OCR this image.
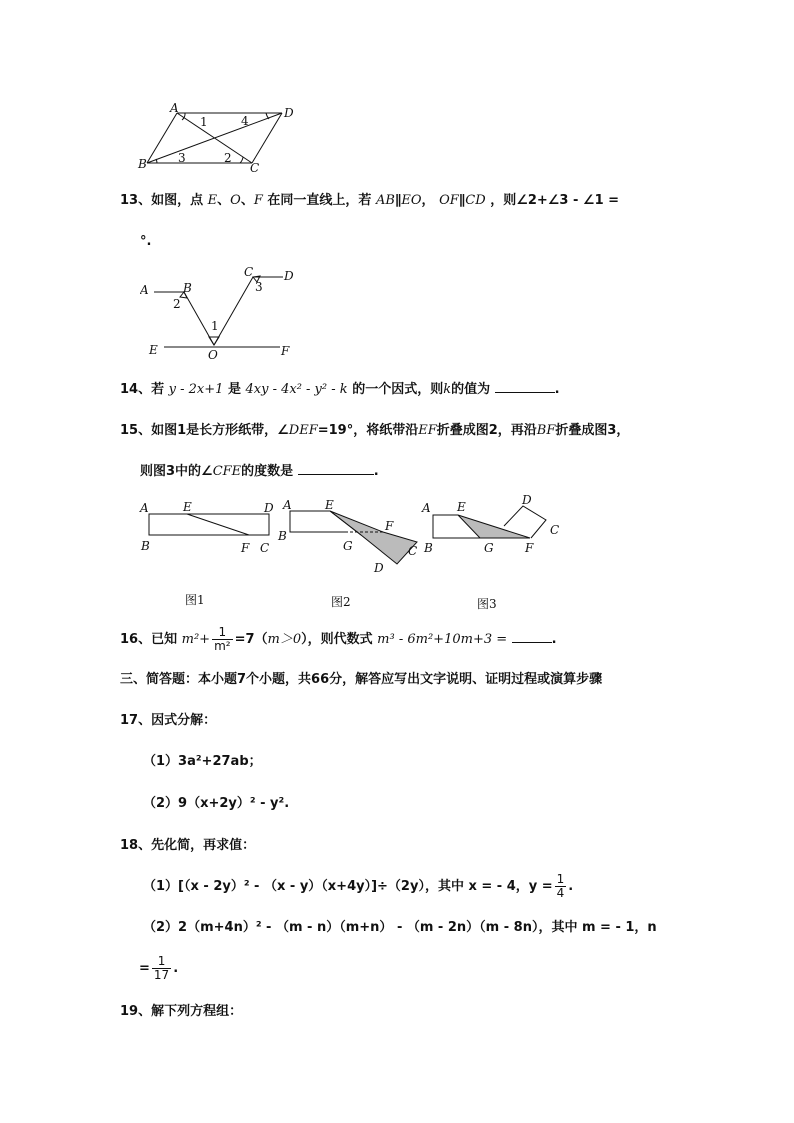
A	D
B	C
1	4
3	2
13、如图，点 E、O、F 在同一直线上，若 AB∥EO， OF∥CD ，则∠2+∠3 - ∠1 =
°.
A	B
C	D
E	O	F
1
2
3
14、若 y - 2x+1 是 4xy - 4x² - y² - k 的一个因式，则k的值为	.
15、如图1是长方形纸带，∠DEF=19°，将纸带沿EF折叠成图2，再沿BF折叠成图3，
则图3中的∠CFE的度数是	.
A	E	D
B	F C
图1
A	E
F
B
G	C
D
图2
A E	D
C
B	G	F
图3
16、已知 $m^2+ \frac{1}{\text{m²}} =7(m>0)$，则代数式 m³ - 6m²+10m+3 =	.
三、简答题：本小题7个小题，共66分，解答应写出文字说明、证明过程或演算步骤
17、因式分解：
（1）3a²+27ab；
（2）9（x+2y）² - y².
18、先化简，再求值：
（1）[（x - 2y）² - （x - y）（x+4y）]÷（2y），其中 x = - 4，$y = \frac{1}{4}$ .
（2）2（m+4n）² - （m - n）（m+n） - （m - 2n）（m - 8n），其中 m = - 1，n
= $\frac{1}{17}$ .
19、解下列方程组：
